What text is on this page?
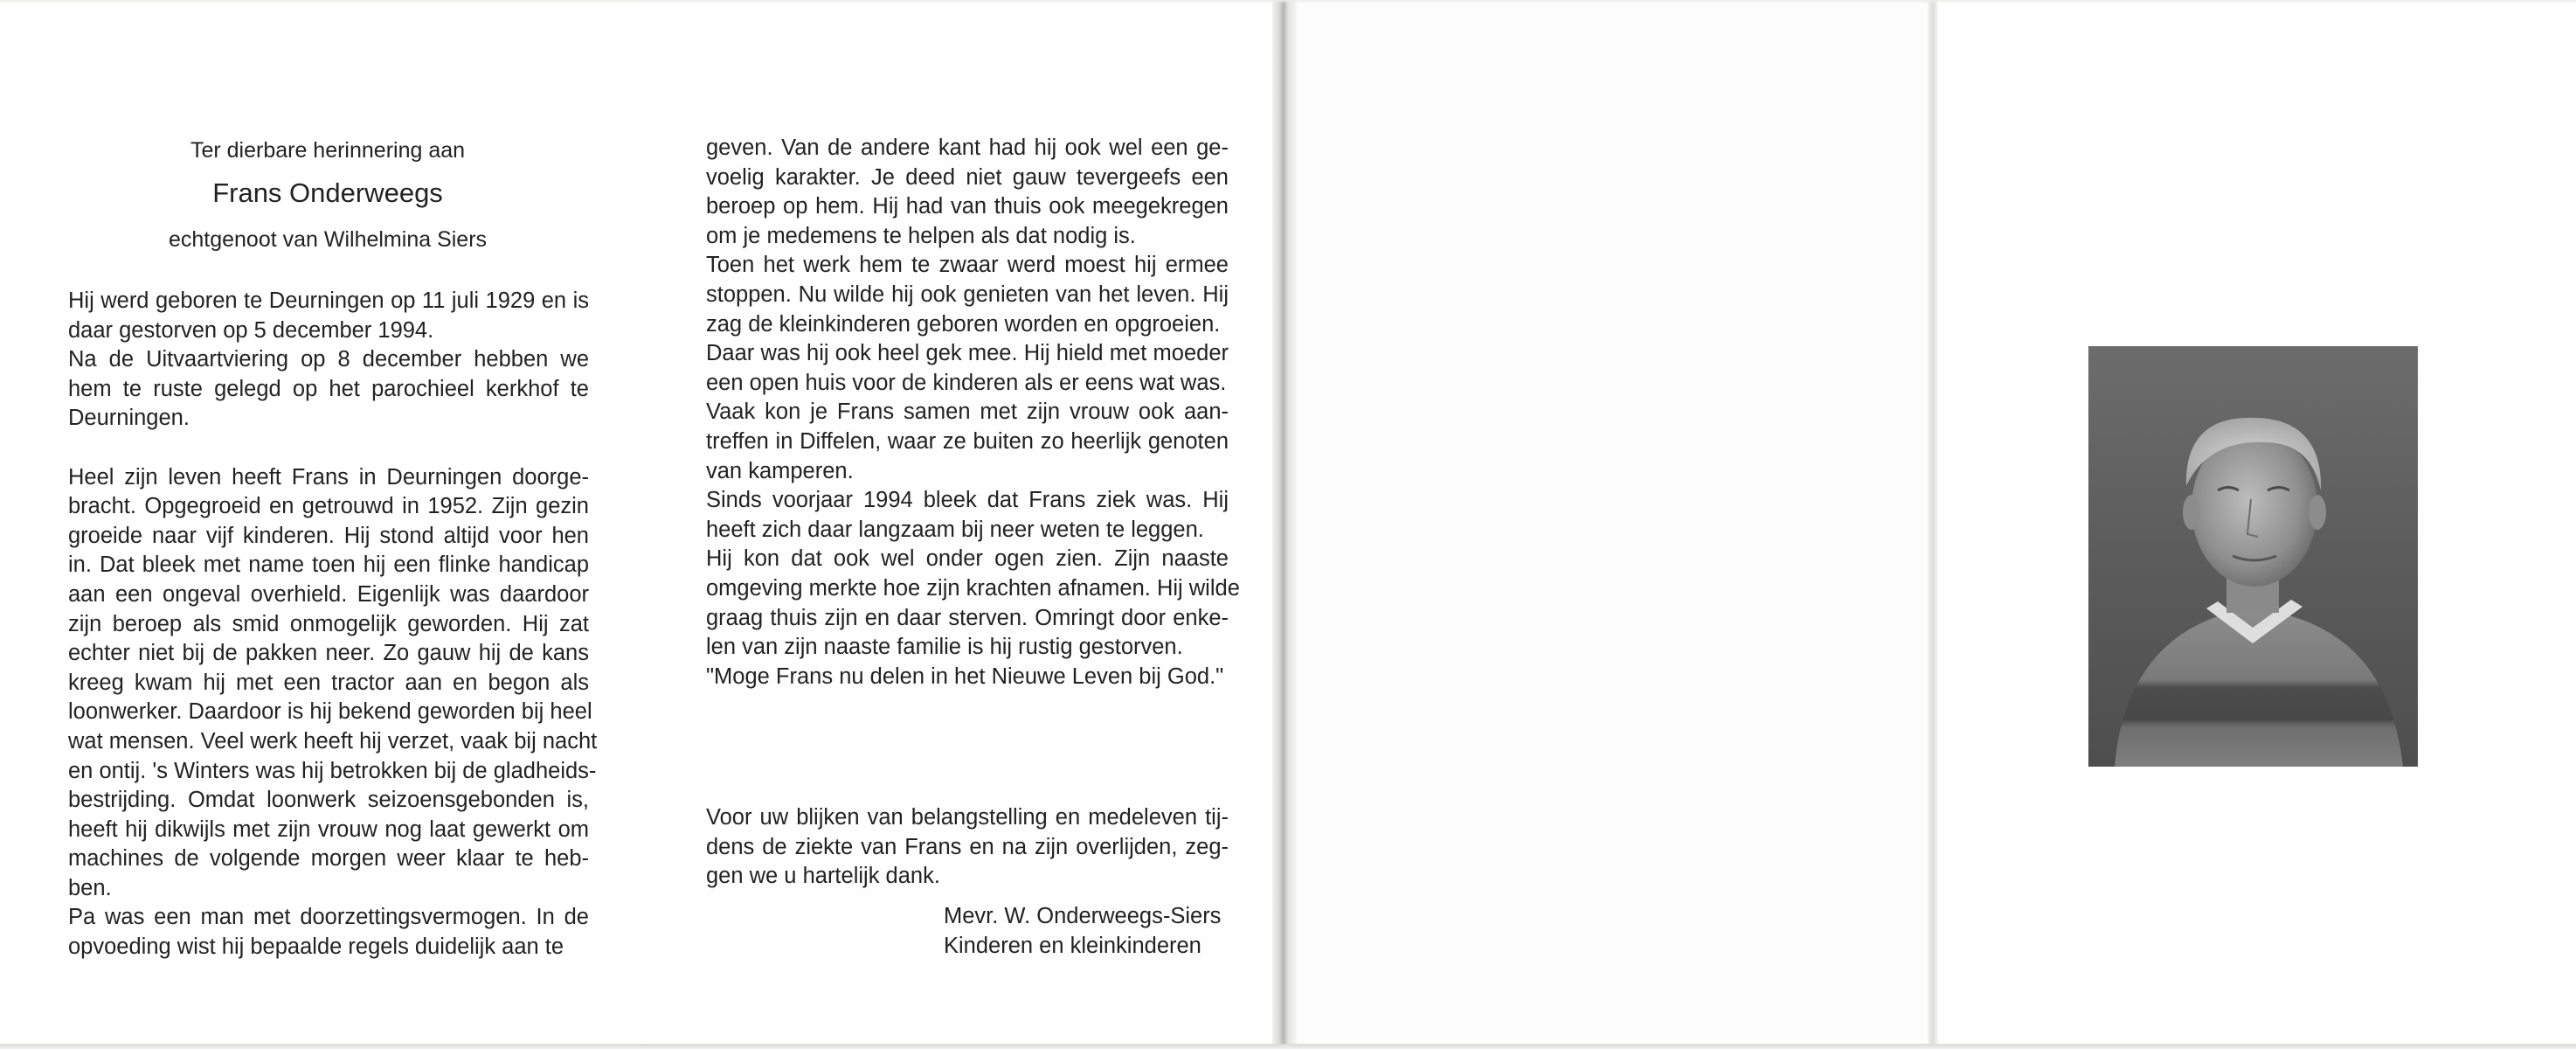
Ter dierbare herinnering aan
Frans Onderweegs
echtgenoot van Wilhelmina Siers
Hij werd geboren te Deurningen op 11 juli 1929 en is
daar gestorven op 5 december 1994.
Na de Uitvaartviering op 8 december hebben we
hem te ruste gelegd op het parochieel kerkhof te
Deurningen.
Heel zijn leven heeft Frans in Deurningen doorge-
bracht. Opgegroeid en getrouwd in 1952. Zijn gezin
groeide naar vijf kinderen. Hij stond altijd voor hen
in. Dat bleek met name toen hij een flinke handicap
aan een ongeval overhield. Eigenlijk was daardoor
zijn beroep als smid onmogelijk geworden. Hij zat
echter niet bij de pakken neer. Zo gauw hij de kans
kreeg kwam hij met een tractor aan en begon als
loonwerker. Daardoor is hij bekend geworden bij heel
wat mensen. Veel werk heeft hij verzet, vaak bij nacht
en ontij. 's Winters was hij betrokken bij de gladheids-
bestrijding. Omdat loonwerk seizoensgebonden is,
heeft hij dikwijls met zijn vrouw nog laat gewerkt om
machines de volgende morgen weer klaar te heb-
ben.
Pa was een man met doorzettingsvermogen. In de
opvoeding wist hij bepaalde regels duidelijk aan te
geven. Van de andere kant had hij ook wel een ge-
voelig karakter. Je deed niet gauw tevergeefs een
beroep op hem. Hij had van thuis ook meegekregen
om je medemens te helpen als dat nodig is.
Toen het werk hem te zwaar werd moest hij ermee
stoppen. Nu wilde hij ook genieten van het leven. Hij
zag de kleinkinderen geboren worden en opgroeien.
Daar was hij ook heel gek mee. Hij hield met moeder
een open huis voor de kinderen als er eens wat was.
Vaak kon je Frans samen met zijn vrouw ook aan-
treffen in Diffelen, waar ze buiten zo heerlijk genoten
van kamperen.
Sinds voorjaar 1994 bleek dat Frans ziek was. Hij
heeft zich daar langzaam bij neer weten te leggen.
Hij kon dat ook wel onder ogen zien. Zijn naaste
omgeving merkte hoe zijn krachten afnamen. Hij wilde
graag thuis zijn en daar sterven. Omringt door enke-
len van zijn naaste familie is hij rustig gestorven.
"Moge Frans nu delen in het Nieuwe Leven bij God."
Voor uw blijken van belangstelling en medeleven tij-
dens de ziekte van Frans en na zijn overlijden, zeg-
gen we u hartelijk dank.
Mevr. W. Onderweegs-Siers
Kinderen en kleinkinderen
